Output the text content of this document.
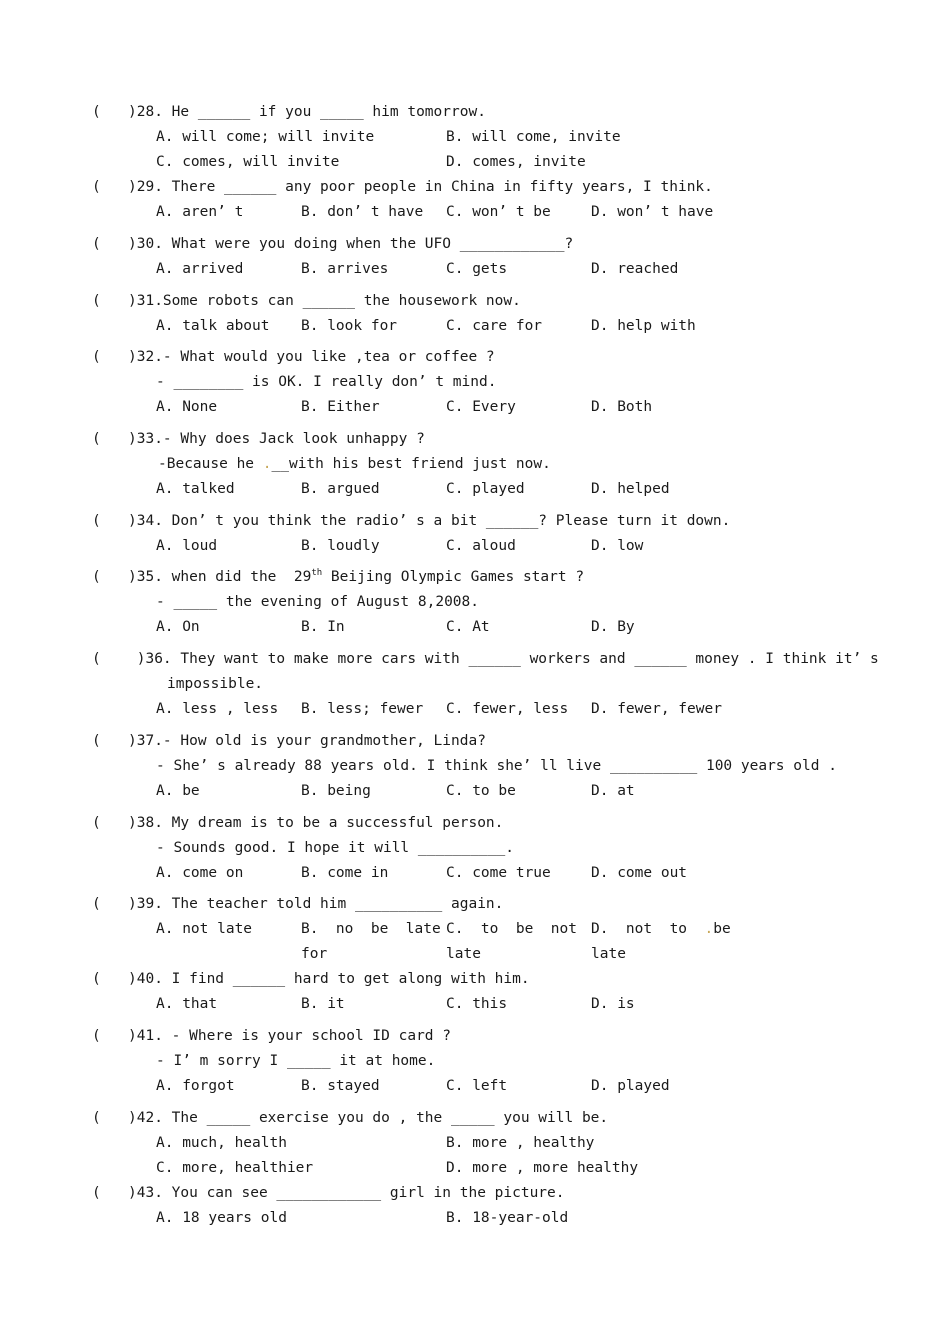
( )28. He ______ if you _____ him tomorrow.
A. will come; will invite	B. will come, invite
C. comes, will invite	D. comes, invite
( )29. There ______ any poor people in China in fifty years, I think.
A. aren’ t	B. don’ t have C. won’ t be	D. won’ t have
( )30. What were you doing when the UFO ____________?
A. arrived	B. arrives	C. gets	D. reached
( )31.Some robots can ______ the housework now.
A. talk about B. look for	C. care for	D. help with
( )32.- What would you like ,tea or coffee ?
- ________ is OK. I really don’ t mind.
A. None	B. Either	C. Every	D. Both
( )33.- Why does Jack look unhappy ?
-Because he .__with his best friend just now.
A. talked	B. argued	C. played	D. helped
( )34. Don’ t you think the radio’ s a bit ______? Please turn it down.
A. loud	B. loudly	C. aloud	D. low
( )35. when did the  29th Beijing Olympic Games start ?
- _____ the evening of August 8,2008.
A. On	B. In	C. At	D. By
( )36. They want to make more cars with ______ workers and ______ money . I think it’ s
impossible.
A. less , less B. less; fewer C. fewer, less D. fewer, fewer
( )37.- How old is your grandmother, Linda?
- She’ s already 88 years old. I think she’ ll live __________ 100 years old .
A. be	B. being	C. to be	D. at
( )38. My dream is to be a successful person.
- Sounds good. I hope it will __________.
A. come on	B. come in	C. come true	D. come out
( )39. The teacher told him __________ again.
A. not late	B.  no  be  late C.  to  be  not D.  not  to  .be
for	late	late
( )40. I find ______ hard to get along with him.
A. that	B. it	C. this	D. is
( )41. - Where is your school ID card ?
- I’ m sorry I _____ it at home.
A. forgot	B. stayed	C. left	D. played
( )42. The _____ exercise you do , the _____ you will be.
A. much, health	B. more , healthy
C. more, healthier	D. more , more healthy
( )43. You can see ____________ girl in the picture.
A. 18 years old	B. 18-year-old
